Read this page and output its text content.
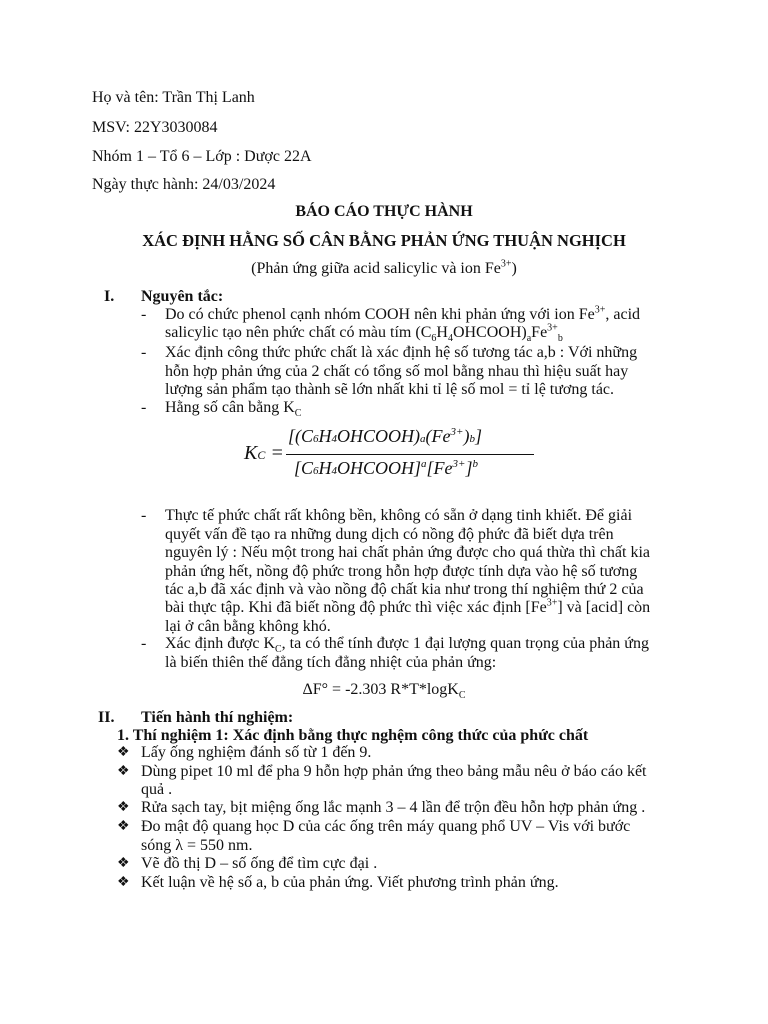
Họ và tên: Trần Thị Lanh
MSV: 22Y3030084
Nhóm 1 – Tổ 6 – Lớp : Dược 22A
Ngày thực hành: 24/03/2024
BÁO CÁO THỰC HÀNH
XÁC ĐỊNH HẰNG SỐ CÂN BẰNG PHẢN ỨNG THUẬN NGHỊCH
(Phản ứng giữa acid salicylic và ion $Fe^{3+}$)
I. Nguyên tắc:
- Do có chức phenol cạnh nhóm COOH nên khi phản ứng với ion $Fe^{3+}$, acid
salicylic tạo nên phức chất có màu tím $(C_6H_4OHCOOH)_aFe^{3+}_b$
- Xác định công thức phức chất là xác định hệ số tương tác a,b : Với những
hỗn hợp phản ứng của 2 chất có tổng số mol bằng nhau thì hiệu suất hay
lượng sản phẩm tạo thành sẽ lớn nhất khi tỉ lệ số mol = tỉ lệ tương tác.
- Hằng số cân bằng $K_C$
KC =
$[(C6H4OHCOOH)a(Fe^{3+})b]$
$[C6H4OHCOOH]^a[Fe^{3+}]^b$
- Thực tế phức chất rất không bền, không có sẵn ở dạng tinh khiết. Để giải
quyết vấn đề tạo ra những dung dịch có nồng độ phức đã biết dựa trên
nguyên lý : Nếu một trong hai chất phản ứng được cho quá thừa thì chất kia
phản ứng hết, nồng độ phức trong hỗn hợp được tính dựa vào hệ số tương
tác a,b đã xác định và vào nồng độ chất kia như trong thí nghiệm thứ 2 của
bài thực tập. Khi đã biết nồng độ phức thì việc xác định $[Fe^{3+}]$ và [acid] còn
lại ở cân bằng không khó.
- Xác định được $K_C$, ta có thể tính được 1 đại lượng quan trọng của phản ứng
là biến thiên thế đẳng tích đẳng nhiệt của phản ứng:
ΔF° = -2.303 R*T*logK$_C$
II. Tiến hành thí nghiệm:
1. Thí nghiệm 1: Xác định bằng thực nghệm công thức của phức chất
❖ Lấy ống nghiệm đánh số từ 1 đến 9.
❖ Dùng pipet 10 ml để pha 9 hỗn hợp phản ứng theo bảng mẫu nêu ở báo cáo kết
quả .
❖ Rửa sạch tay, bịt miệng ống lắc mạnh 3 – 4 lần để trộn đều hỗn hợp phản ứng .
❖ Đo mật độ quang học D của các ống trên máy quang phổ UV – Vis với bước
sóng λ = 550 nm.
❖ Vẽ đồ thị D – số ống để tìm cực đại .
❖ Kết luận về hệ số a, b của phản ứng. Viết phương trình phản ứng.
